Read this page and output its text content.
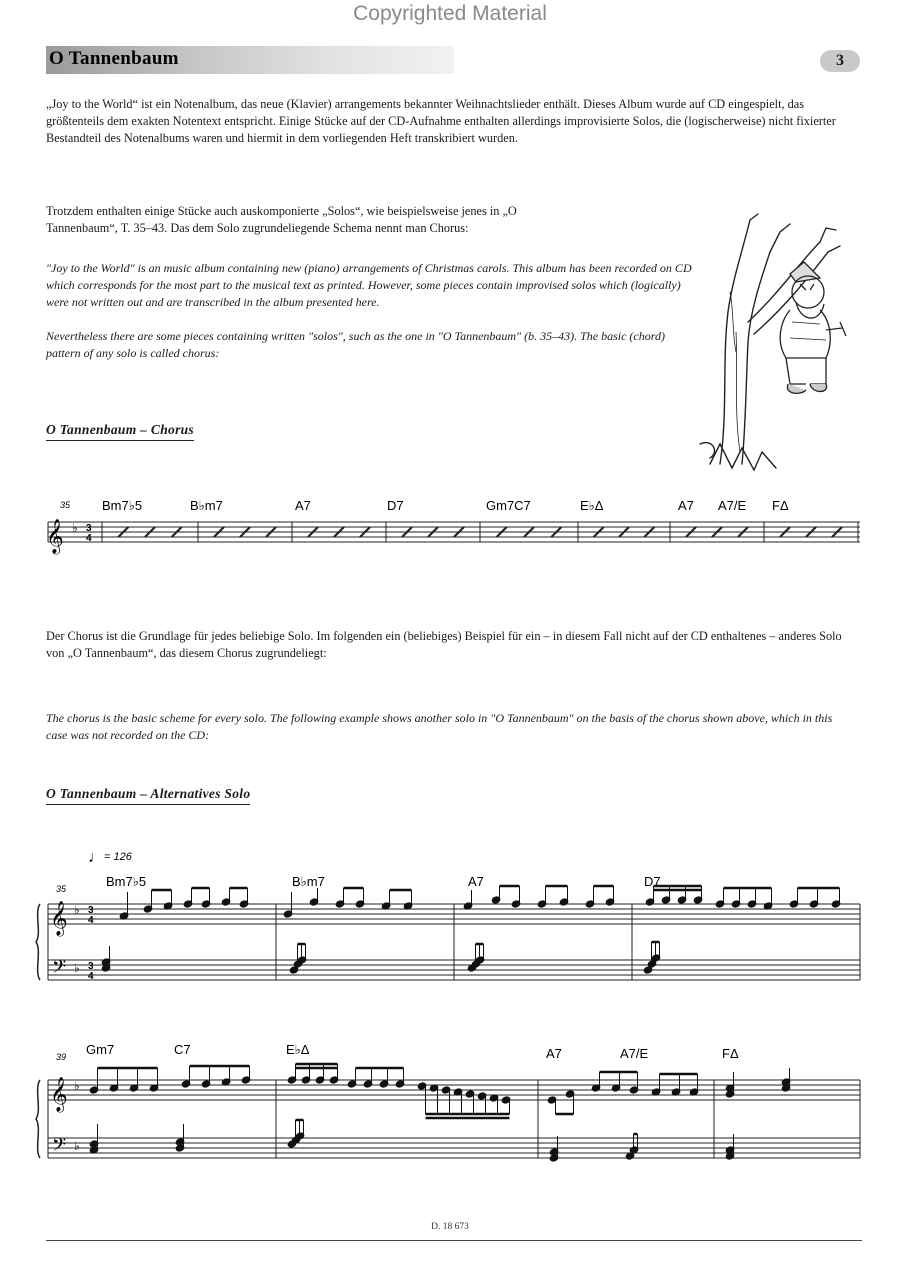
Copyrighted Material
O Tannenbaum	3
„Joy to the World“ ist ein Notenalbum, das neue (Klavier) arrangements bekannter Weihnachtslieder enthält. Dieses Album wurde auf CD eingespielt, das größtenteils dem exakten Notentext entspricht. Einige Stücke auf der CD-Aufnahme enthalten allerdings improvisierte Solos, die (logischerweise) nicht fixierter Bestandteil des Notenalbums waren und hiermit in dem vorliegenden Heft transkribiert wurden.
Trotzdem enthalten einige Stücke auch auskomponierte „Solos“, wie beispielsweise jenes in „O Tannenbaum“, T. 35–43. Das dem Solo zugrundeliegende Schema nennt man Chorus:
"Joy to the World" is an music album containing new (piano) arrangements of Christmas carols. This album has been recorded on CD which corresponds for the most part to the musical text as printed. However, some pieces contain improvised solos which (logically) were not written out and are transcribed in the album presented here.
Nevertheless there are some pieces containing written "solos", such as the one in "O Tannenbaum" (b. 35–43). The basic (chord) pattern of any solo is called chorus:
O Tannenbaum – Chorus
𝄞 ♭ 3
4
35 Bm7♭5	B♭m7	A7	D7	Gm7C7	E♭Δ	A7 A7/E FΔ
Der Chorus ist die Grundlage für jedes beliebige Solo. Im folgenden ein (beliebiges) Beispiel für ein – in diesem Fall nicht auf der CD enthaltenes – anderes Solo von „O Tannenbaum“, das diesem Chorus zugrundeliegt:
The chorus is the basic scheme for every solo. The following example shows another solo in "O Tannenbaum" on the basis of the chorus shown above, which in this case was not recorded on the CD:
O Tannenbaum – Alternatives Solo
♩ = 126
35	Bm7♭5	B♭m7	A7	D7
𝄞
𝄢
♭
♭
3
4
3
4
39 Gm7	C7	E♭Δ	A7	A7/E	FΔ
𝄞
𝄢
♭
♭
D. 18 673
